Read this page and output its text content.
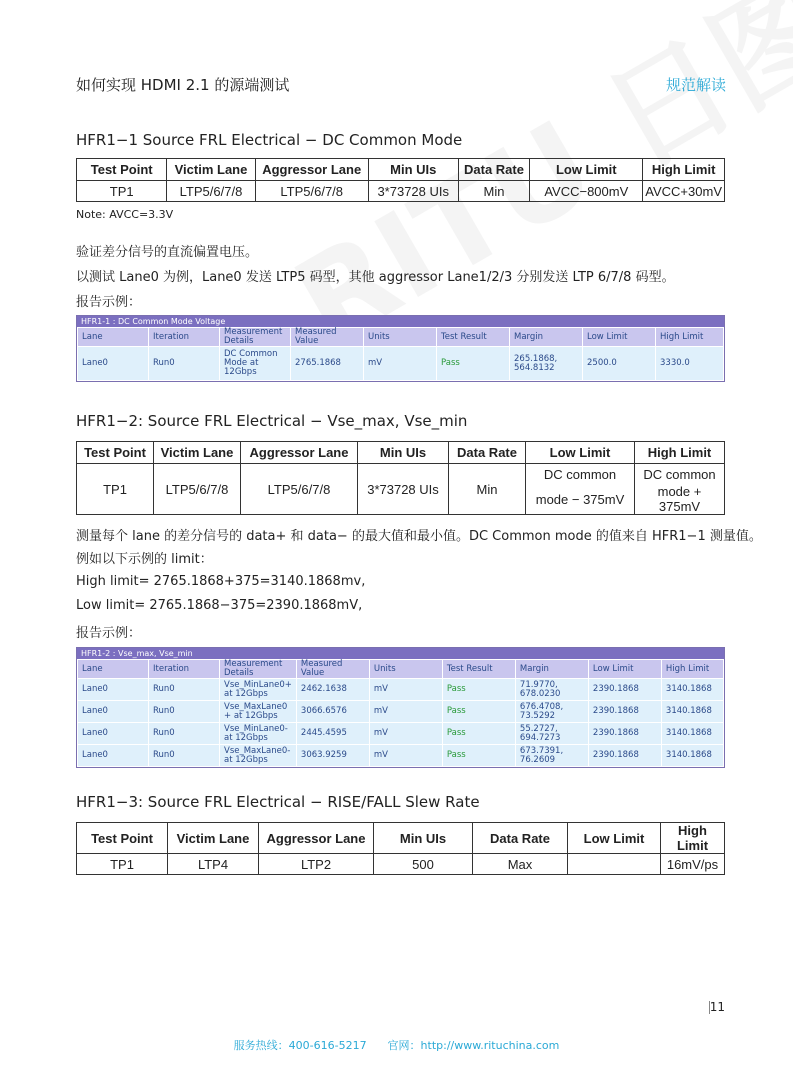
如何实现 HDMI 2.1 的源端测试	规范解读
HFR1−1 Source FRL Electrical − DC Common Mode
Test Point	Victim Lane	Aggressor Lane	Min UIs	Data Rate	Low Limit	High Limit
TP1	LTP5/6/7/8	LTP5/6/7/8	3*73728 UIs	Min	AVCC−800mV	AVCC+30mV
Note: AVCC=3.3V
验证差分信号的直流偏置电压。
以测试 Lane0 为例，Lane0 发送 LTP5 码型，其他 aggressor Lane1/2/3 分别发送 LTP 6/7/8 码型。
报告示例：
HFR1-1 : DC Common Mode Voltage
Lane	Iteration	Measurement Details	Measured Value	Units	Test Result	Margin	Low Limit	High Limit
Lane0	Run0	DC Common Mode at 12Gbps	2765.1868	mV	Pass	265.1868, 564.8132	2500.0	3330.0
HFR1−2: Source FRL Electrical − Vse_max, Vse_min
Test Point	Victim Lane	Aggressor Lane	Min UIs	Data Rate	Low Limit	High Limit
TP1	LTP5/6/7/8	LTP5/6/7/8	3*73728 UIs	Min	DC common	DC common
					mode − 375mV	mode + 375mV
测量每个 lane 的差分信号的 data+ 和 data− 的最大值和最小值。DC Common mode 的值来自 HFR1−1 测量值。
例如以下示例的 limit：
High limit= 2765.1868+375=3140.1868mv,
Low limit= 2765.1868−375=2390.1868mV,
报告示例：
HFR1-2 : Vse_max, Vse_min
Lane	Iteration	Measurement Details	Measured Value	Units	Test Result	Margin	Low Limit	High Limit
Lane0	Run0	Vse_MinLane0+ at 12Gbps	2462.1638	mV	Pass	71.9770, 678.0230	2390.1868	3140.1868
Lane0	Run0	Vse_MaxLane0 + at 12Gbps	3066.6576	mV	Pass	676.4708, 73.5292	2390.1868	3140.1868
Lane0	Run0	Vse_MinLane0- at 12Gbps	2445.4595	mV	Pass	55.2727, 694.7273	2390.1868	3140.1868
Lane0	Run0	Vse_MaxLane0- at 12Gbps	3063.9259	mV	Pass	673.7391, 76.2609	2390.1868	3140.1868
HFR1−3: Source FRL Electrical − RISE/FALL Slew Rate
Test Point	Victim Lane	Aggressor Lane	Min UIs	Data Rate	Low Limit	High Limit
TP1	LTP4	LTP2	500	Max		16mV/ps
11
服务热线：400-616-5217      官网：http://www.rituchina.com
